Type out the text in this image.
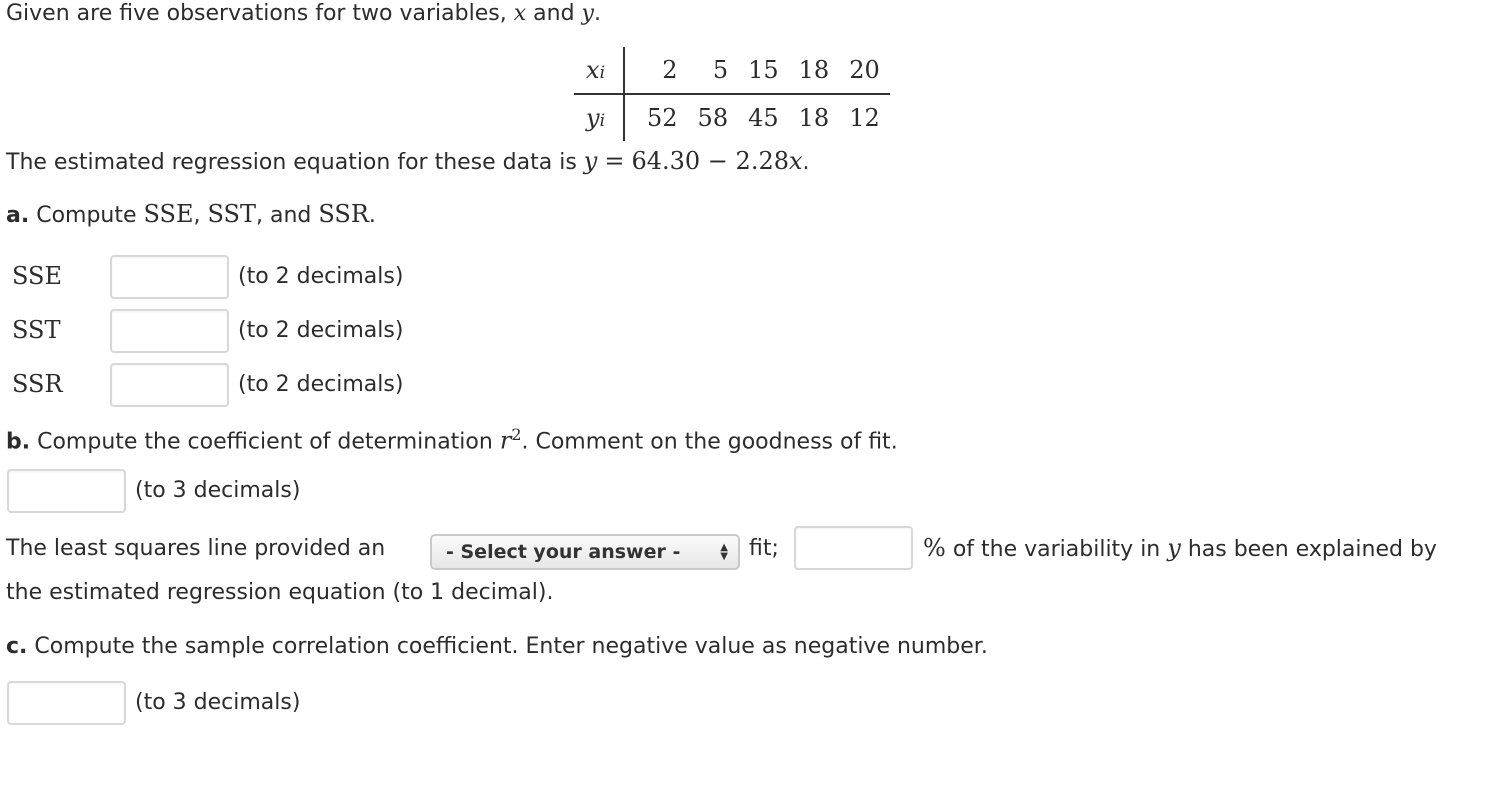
Given are five observations for two variables, x and y.
xi	2	5	15	18	20
yi	52	58	45	18	12
The estimated regression equation for these data is y = 64.30 − 2.28x.
a. Compute SSE, SST, and SSR.
SSE	(to 2 decimals)
SST	(to 2 decimals)
SSR	(to 2 decimals)
b. Compute the coefficient of determination $r^2$. Comment on the goodness of fit.
(to 3 decimals)
The least squares line provided an	- Select your answer -	▲
▼ fit;	% of the variability in y has been explained by
the estimated regression equation (to 1 decimal).
c. Compute the sample correlation coefficient. Enter negative value as negative number.
(to 3 decimals)
